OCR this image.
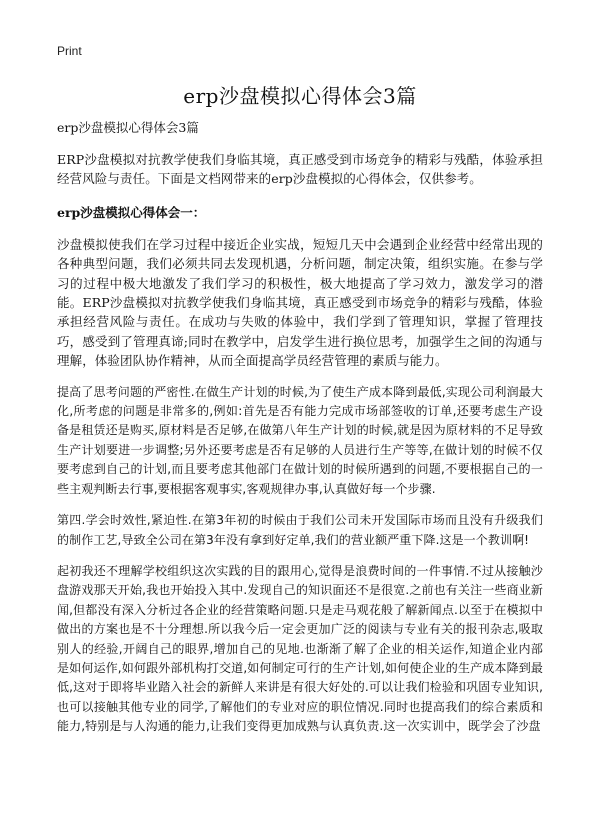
Print
erp沙盘模拟心得体会3篇

erp沙盘模拟心得体会3篇

ERP沙盘模拟对抗教学使我们身临其境，真正感受到市场竞争的精彩与残酷，体验承担经营风险与责任。下面是文档网带来的erp沙盘模拟的心得体会，仅供参考。

erp沙盘模拟心得体会一：

沙盘模拟使我们在学习过程中接近企业实战，短短几天中会遇到企业经营中经常出现的各种典型问题，我们必须共同去发现机遇，分析问题，制定决策，组织实施。在参与学习的过程中极大地激发了我们学习的积极性，极大地提高了学习效力，激发学习的潜能。ERP沙盘模拟对抗教学使我们身临其境，真正感受到市场竞争的精彩与残酷，体验承担经营风险与责任。在成功与失败的体验中，我们学到了管理知识，掌握了管理技巧，感受到了管理真谛;同时在教学中，启发学生进行换位思考，加强学生之间的沟通与理解，体验团队协作精神，从而全面提高学员经营管理的素质与能力。

提高了思考问题的严密性.在做生产计划的时候,为了使生产成本降到最低,实现公司利润最大化,所考虑的问题是非常多的,例如:首先是否有能力完成市场部签收的订单,还要考虑生产设备是租赁还是购买,原材料是否足够,在做第八年生产计划的时候,就是因为原材料的不足导致生产计划要进一步调整;另外还要考虑是否有足够的人员进行生产等等,在做计划的时候不仅要考虑到自己的计划,而且要考虑其他部门在做计划的时候所遇到的问题,不要根据自己的一些主观判断去行事,要根据客观事实,客观规律办事,认真做好每一个步骤.

第四.学会时效性,紧迫性.在第3年初的时候由于我们公司未开发国际市场而且没有升级我们的制作工艺,导致全公司在第3年没有拿到好定单,我们的营业额严重下降.这是一个教训啊!

起初我还不理解学校组织这次实践的目的跟用心,觉得是浪费时间的一件事情.不过从接触沙盘游戏那天开始,我也开始投入其中.发现自己的知识面还不是很宽.之前也有关注一些商业新闻,但都没有深入分析过各企业的经营策略问题.只是走马观花般了解新闻点.以至于在模拟中做出的方案也是不十分理想.所以我今后一定会更加广泛的阅读与专业有关的报刊杂志,吸取别人的经验,开阔自己的眼界,增加自己的见地.也渐渐了解了企业的相关运作,知道企业内部是如何运作,如何跟外部机构打交道,如何制定可行的生产计划,如何使企业的生产成本降到最低,这对于即将毕业踏入社会的新鲜人来讲是有很大好处的.可以让我们检验和巩固专业知识,也可以接触其他专业的同学,了解他们的专业对应的职位情况.同时也提高我们的综合素质和能力,特别是与人沟通的能力,让我们变得更加成熟与认真负责.这一次实训中，既学会了沙盘
